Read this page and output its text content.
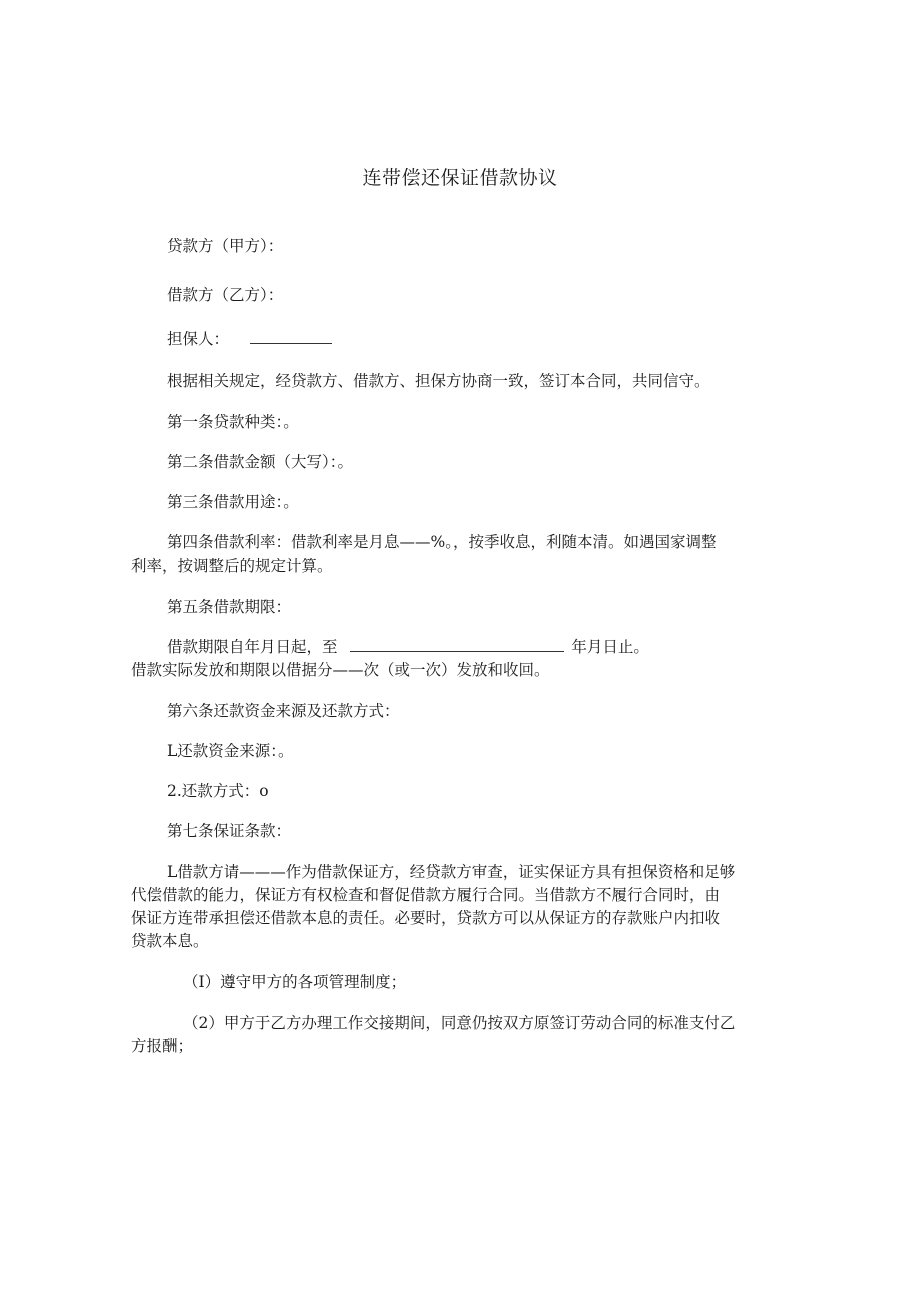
连带偿还保证借款协议
贷款方（甲方）：
借款方（乙方）：
担保人：
根据相关规定，经贷款方、借款方、担保方协商一致，签订本合同，共同信守。
第一条贷款种类：。
第二条借款金额（大写）：。
第三条借款用途：。
第四条借款利率：借款利率是月息——%。，按季收息，利随本清。如遇国家调整
利率，按调整后的规定计算。
第五条借款期限：
借款期限自年月日起，至	年月日止。
借款实际发放和期限以借据分——次（或一次）发放和收回。
第六条还款资金来源及还款方式：
L还款资金来源：。
2.还款方式：o
第七条保证条款：
L借款方请———作为借款保证方，经贷款方审查，证实保证方具有担保资格和足够
代偿借款的能力，保证方有权检查和督促借款方履行合同。当借款方不履行合同时，由
保证方连带承担偿还借款本息的责任。必要时，贷款方可以从保证方的存款账户内扣收
贷款本息。
（I）遵守甲方的各项管理制度；
（2）甲方于乙方办理工作交接期间，同意仍按双方原签订劳动合同的标准支付乙
方报酬；
